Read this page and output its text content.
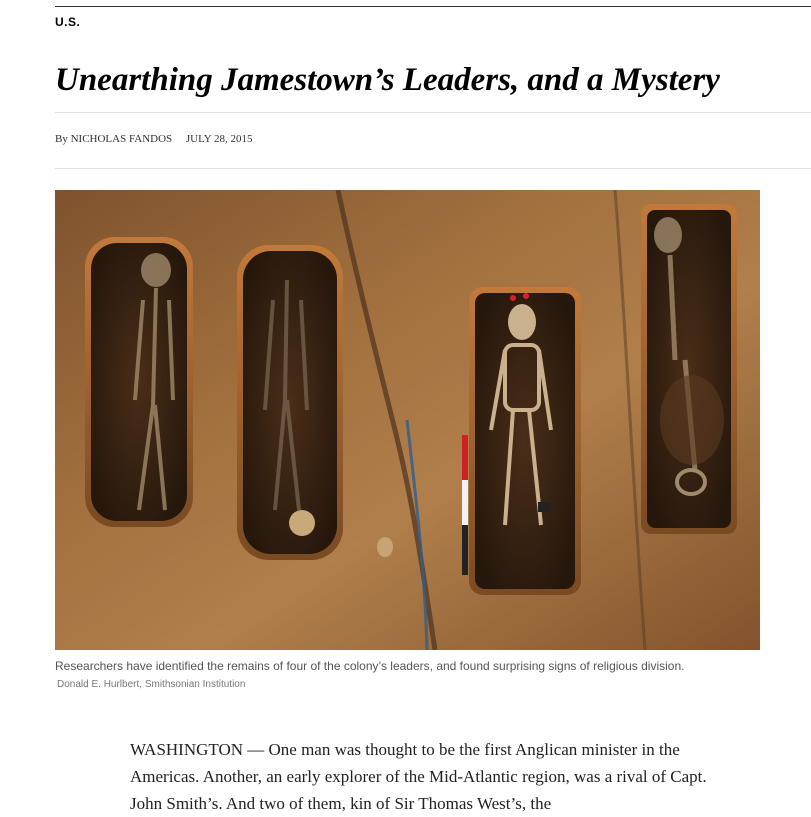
U.S.
Unearthing Jamestown’s Leaders, and a Mystery
By NICHOLAS FANDOS JULY 28, 2015
Researchers have identified the remains of four of the colony’s leaders, and found surprising signs of religious division. Donald E. Hurlbert, Smithsonian Institution

WASHINGTON — One man was thought to be the first Anglican minister in the Americas. Another, an early explorer of the Mid-Atlantic region, was a rival of Capt. John Smith’s. And two of them, kin of Sir Thomas West’s, the
